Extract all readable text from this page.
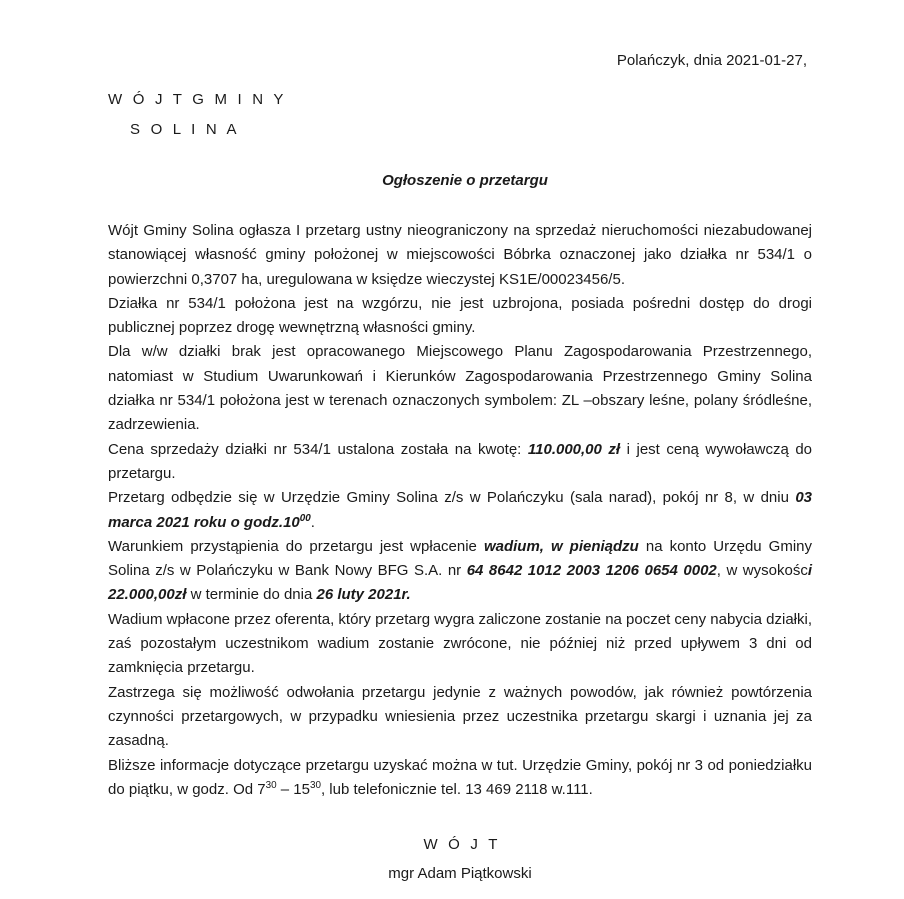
Polańczyk, dnia 2021-01-27,
W Ó J T G M I N Y
S O L I N A
Ogłoszenie o przetargu

Wójt Gminy Solina ogłasza I przetarg ustny nieograniczony na sprzedaż nieruchomości niezabudowanej stanowiącej własność gminy położonej w miejscowości Bóbrka oznaczonej jako działka nr 534/1 o powierzchni 0,3707 ha, uregulowana w księdze wieczystej KS1E/00023456/5.

Działka nr 534/1 położona jest na wzgórzu, nie jest uzbrojona, posiada pośredni dostęp do drogi publicznej poprzez drogę wewnętrzną własności gminy.

Dla w/w działki brak jest opracowanego Miejscowego Planu Zagospodarowania Przestrzennego, natomiast w Studium Uwarunkowań i Kierunków Zagospodarowania Przestrzennego Gminy Solina działka nr 534/1 położona jest w terenach oznaczonych symbolem: ZL –obszary leśne, polany śródleśne, zadrzewienia.

Cena sprzedaży działki nr 534/1 ustalona została na kwotę: 110.000,00 zł i jest ceną wywoławczą do przetargu.

Przetarg odbędzie się w Urzędzie Gminy Solina z/s w Polańczyku (sala narad), pokój nr 8, w dniu 03 marca 2021 roku o $godz.10^{00}$.

Warunkiem przystąpienia do przetargu jest wpłacenie wadium, w pieniądzu na konto Urzędu Gminy Solina z/s w Polańczyku w Bank Nowy BFG S.A. nr 64 8642 1012 2003 1206 0654 0002, w wysokości 22.000,00zł w terminie do dnia 26 luty 2021r.

Wadium wpłacone przez oferenta, który przetarg wygra zaliczone zostanie na poczet ceny nabycia działki, zaś pozostałym uczestnikom wadium zostanie zwrócone, nie później niż przed upływem 3 dni od zamknięcia przetargu.

Zastrzega się możliwość odwołania przetargu jedynie z ważnych powodów, jak również powtórzenia czynności przetargowych, w przypadku wniesienia przez uczestnika przetargu skargi i uznania jej za zasadną.

Bliższe informacje dotyczące przetargu uzyskać można w tut. Urzędzie Gminy, pokój nr 3 od poniedziałku do piątku, w godz. Od $7^{30} - 15^{30}$, lub telefonicznie tel. 13 469 2118 w.111.

W Ó J T
mgr Adam Piątkowski
